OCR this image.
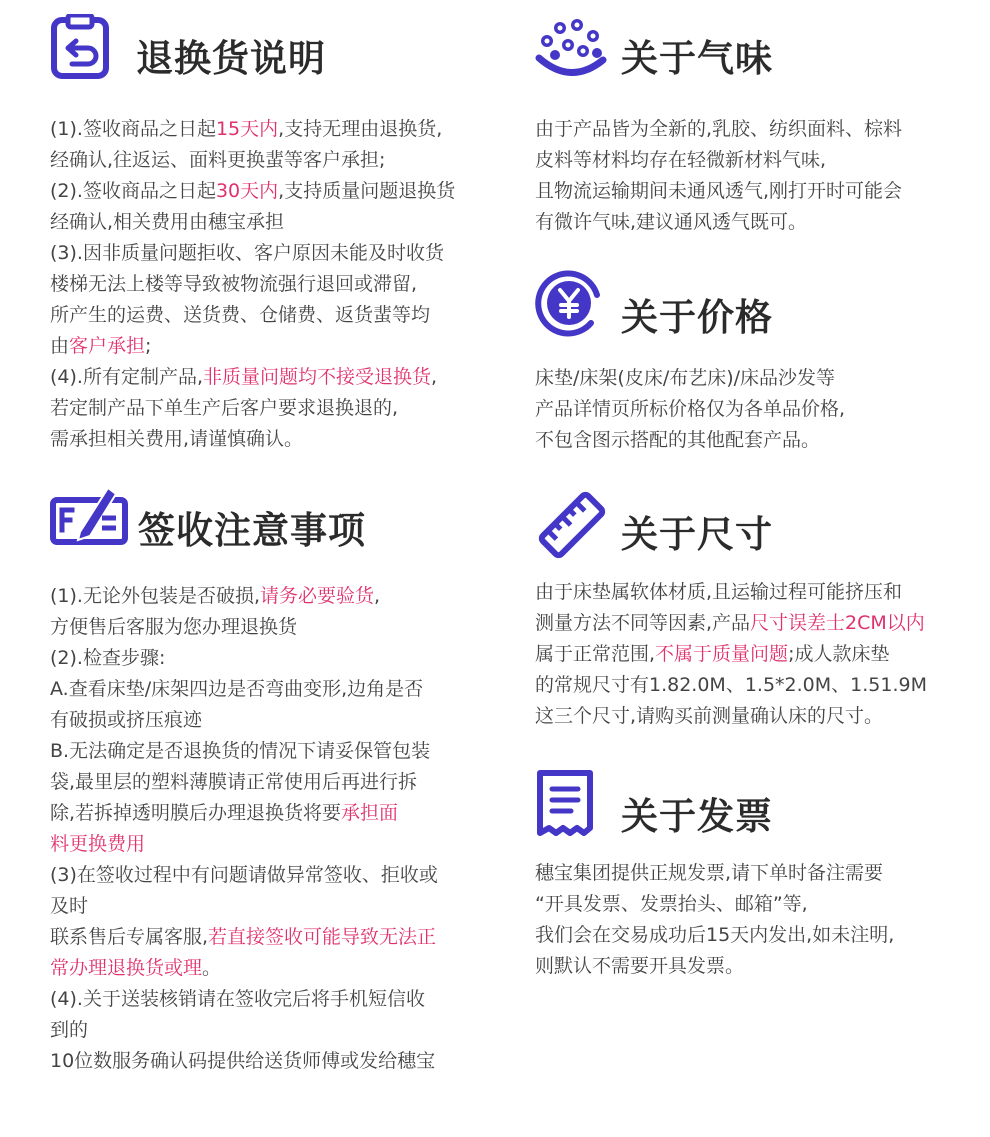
退换货说明
(1).签收商品之日起15天内,支持无理由退换货,
经确认,往返运、面料更换蜚等客户承担;
(2).签收商品之日起30天内,支持质量问题退换货
经确认,相关费用由穗宝承担
(3).因非质量问题拒收、客户原因未能及时收货
楼梯无法上楼等导致被物流强行退回或滞留,
所产生的运费、送货费、仓储费、返货蜚等均
由客户承担;
(4).所有定制产品,非质量问题均不接受退换货,
若定制产品下单生产后客户要求退换退的,
需承担相关费用,请谨慎确认。
关于气味
由于产品皆为全新的,乳胶、纺织面料、棕料
皮料等材料均存在轻微新材料气味,
且物流运输期间未通风透气,刚打开时可能会
有微许气味,建议通风透气既可。
关于价格
床垫/床架(皮床/布艺床)/床品沙发等
产品详情页所标价格仅为各单品价格,
不包含图示搭配的其他配套产品。
签收注意事项
(1).无论外包装是否破损,请务必要验货,
方便售后客服为您办理退换货
(2).检查步骤:
A.查看床垫/床架四边是否弯曲变形,边角是否
有破损或挤压痕迹
B.无法确定是否退换货的情况下请妥保管包装
袋,最里层的塑料薄膜请正常使用后再进行拆
除,若拆掉透明膜后办理退换货将要承担面
料更换费用
(3)在签收过程中有问题请做异常签收、拒收或
及时
联系售后专属客服,若直接签收可能导致无法正
常办理退换货或理。
(4).关于送装核销请在签收完后将手机短信收
到的
10位数服务确认码提供给送货师傅或发给穗宝
关于尺寸
由于床垫属软体材质,且运输过程可能挤压和
测量方法不同等因素,产品尺寸误差士2CM以内
属于正常范围,不属于质量问题;成人款床垫
的常规尺寸有1.82.0M、1.5*2.0M、1.51.9M
这三个尺寸,请购买前测量确认床的尺寸。
关于发票
穗宝集团提供正规发票,请下单时备注需要
“开具发票、发票抬头、邮箱”等,
我们会在交易成功后15天内发出,如未注明,
则默认不需要开具发票。
